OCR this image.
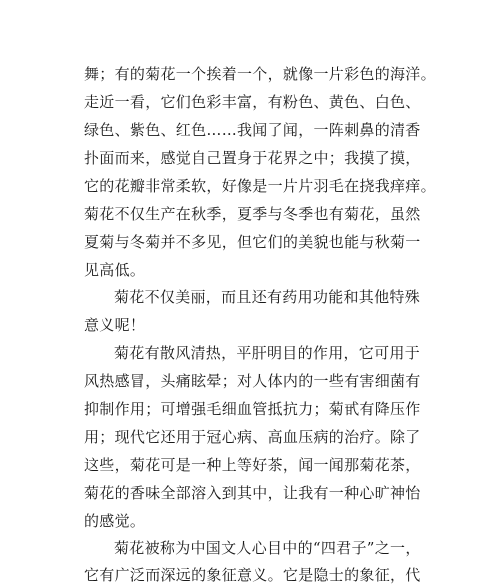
舞；有的菊花一个挨着一个，就像一片彩色的海洋。
走近一看，它们色彩丰富，有粉色、黄色、白色、
绿色、紫色、红色……我闻了闻，一阵刺鼻的清香
扑面而来，感觉自己置身于花界之中；我摸了摸，
它的花瓣非常柔软，好像是一片片羽毛在挠我痒痒。
菊花不仅生产在秋季，夏季与冬季也有菊花，虽然
夏菊与冬菊并不多见，但它们的美貌也能与秋菊一
见高低。
菊花不仅美丽，而且还有药用功能和其他特殊
意义呢！
菊花有散风清热，平肝明目的作用，它可用于
风热感冒，头痛眩晕；对人体内的一些有害细菌有
抑制作用；可增强毛细血管抵抗力；菊甙有降压作
用；现代它还用于冠心病、高血压病的治疗。除了
这些，菊花可是一种上等好茶，闻一闻那菊花茶，
菊花的香味全部溶入到其中，让我有一种心旷神怡
的感觉。
菊花被称为中国文人心目中的“四君子”之一，
它有广泛而深远的象征意义。它是隐士的象征，代
